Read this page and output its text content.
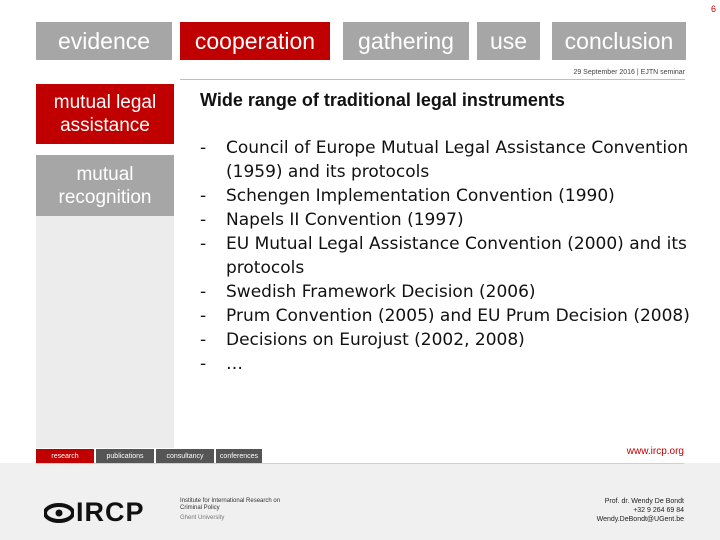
6
evidence	cooperation	gathering	use	conclusion
29 September 2016 | EJTN seminar
mutual legal assistance
mutual recognition
Wide range of traditional legal instruments
- Council of Europe Mutual Legal Assistance Convention (1959) and its protocols
- Schengen Implementation Convention (1990)
- Napels II Convention (1997)
- EU Mutual Legal Assistance Convention (2000) and its protocols
- Swedish Framework Decision (2006)
- Prum Convention (2005) and EU Prum Decision (2008)
- Decisions on Eurojust (2002, 2008)
- …
research	publications	consultancy	conferences	www.ircp.org
IRCP	Institute for International Research on Criminal Policy
Ghent University
Prof. dr. Wendy De Bondt
+32 9 264 69 84
Wendy.DeBondt@UGent.be
